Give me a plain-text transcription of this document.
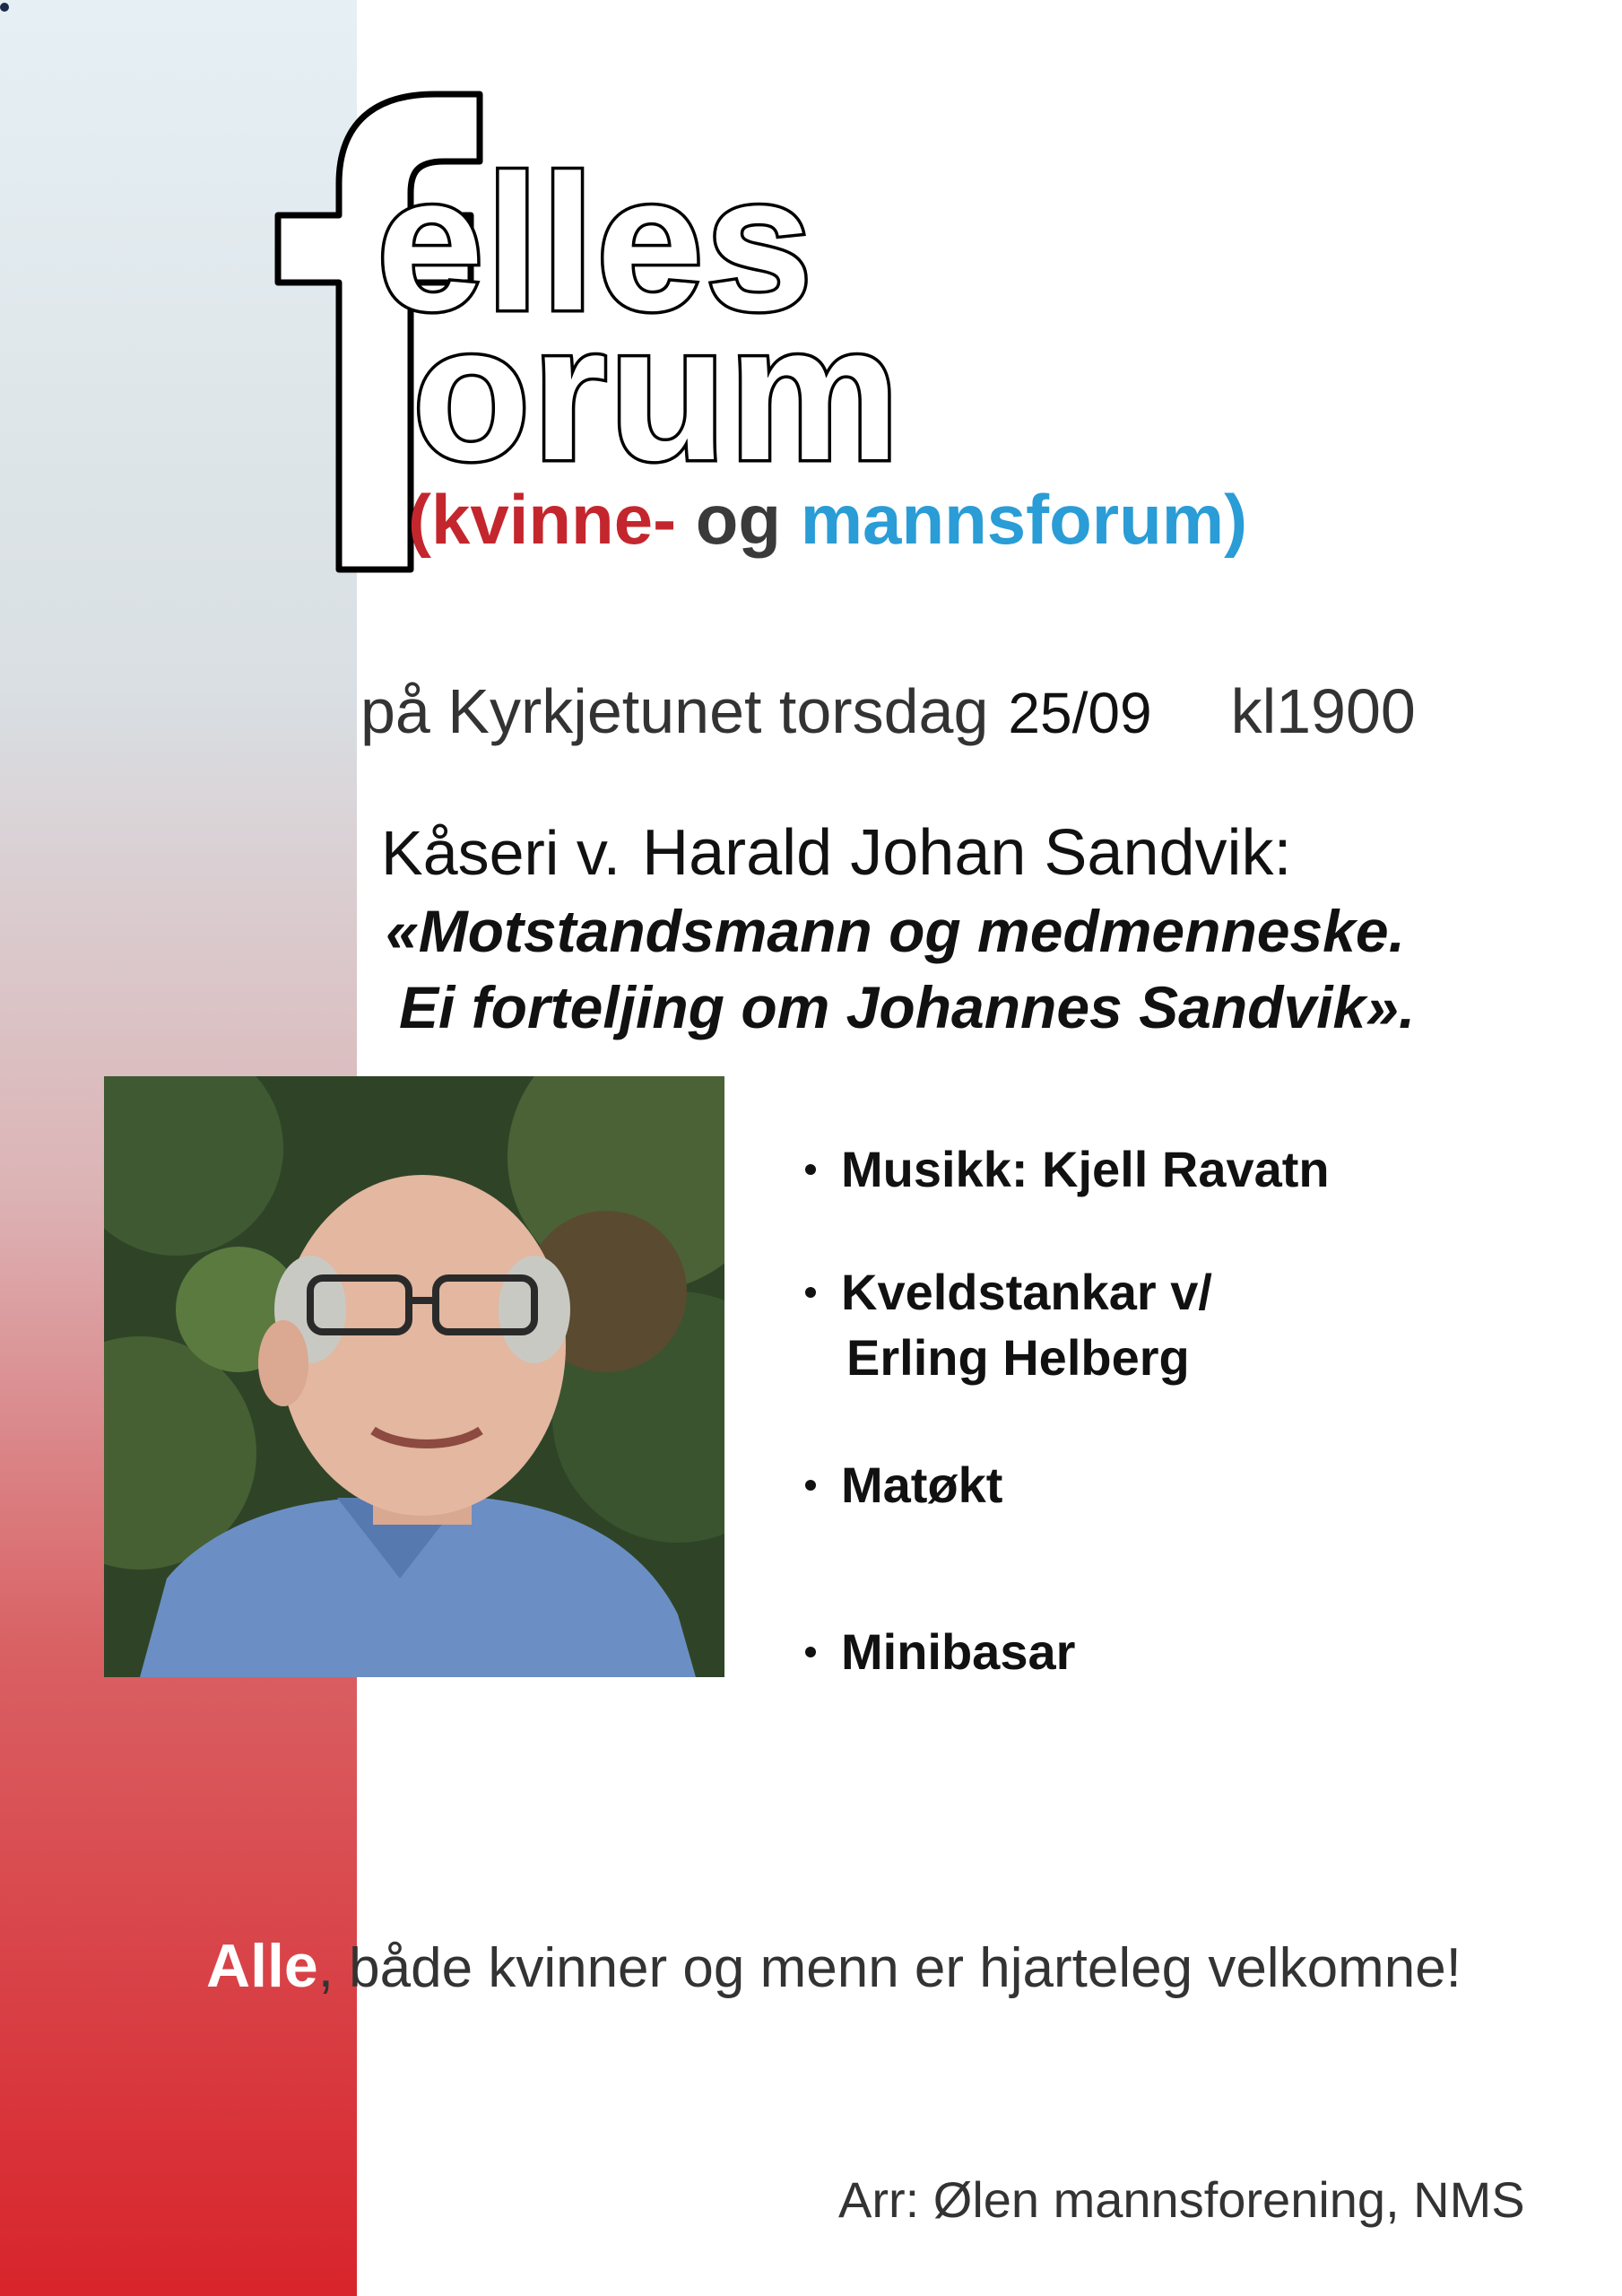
elles
orum
(kvinne- og mannsforum)
på Kyrkjetunet torsdag 25/09 kl1900
Kåseri v. Harald Johan Sandvik:
«Motstandsmann og medmenneske.
Ei forteljing om Johannes Sandvik».
Musikk: Kjell Ravatn
Kveldstankar v/
Erling Helberg
Matøkt
Minibasar
Alle, både kvinner og menn er hjarteleg velkomne!
Arr: Ølen mannsforening, NMS
